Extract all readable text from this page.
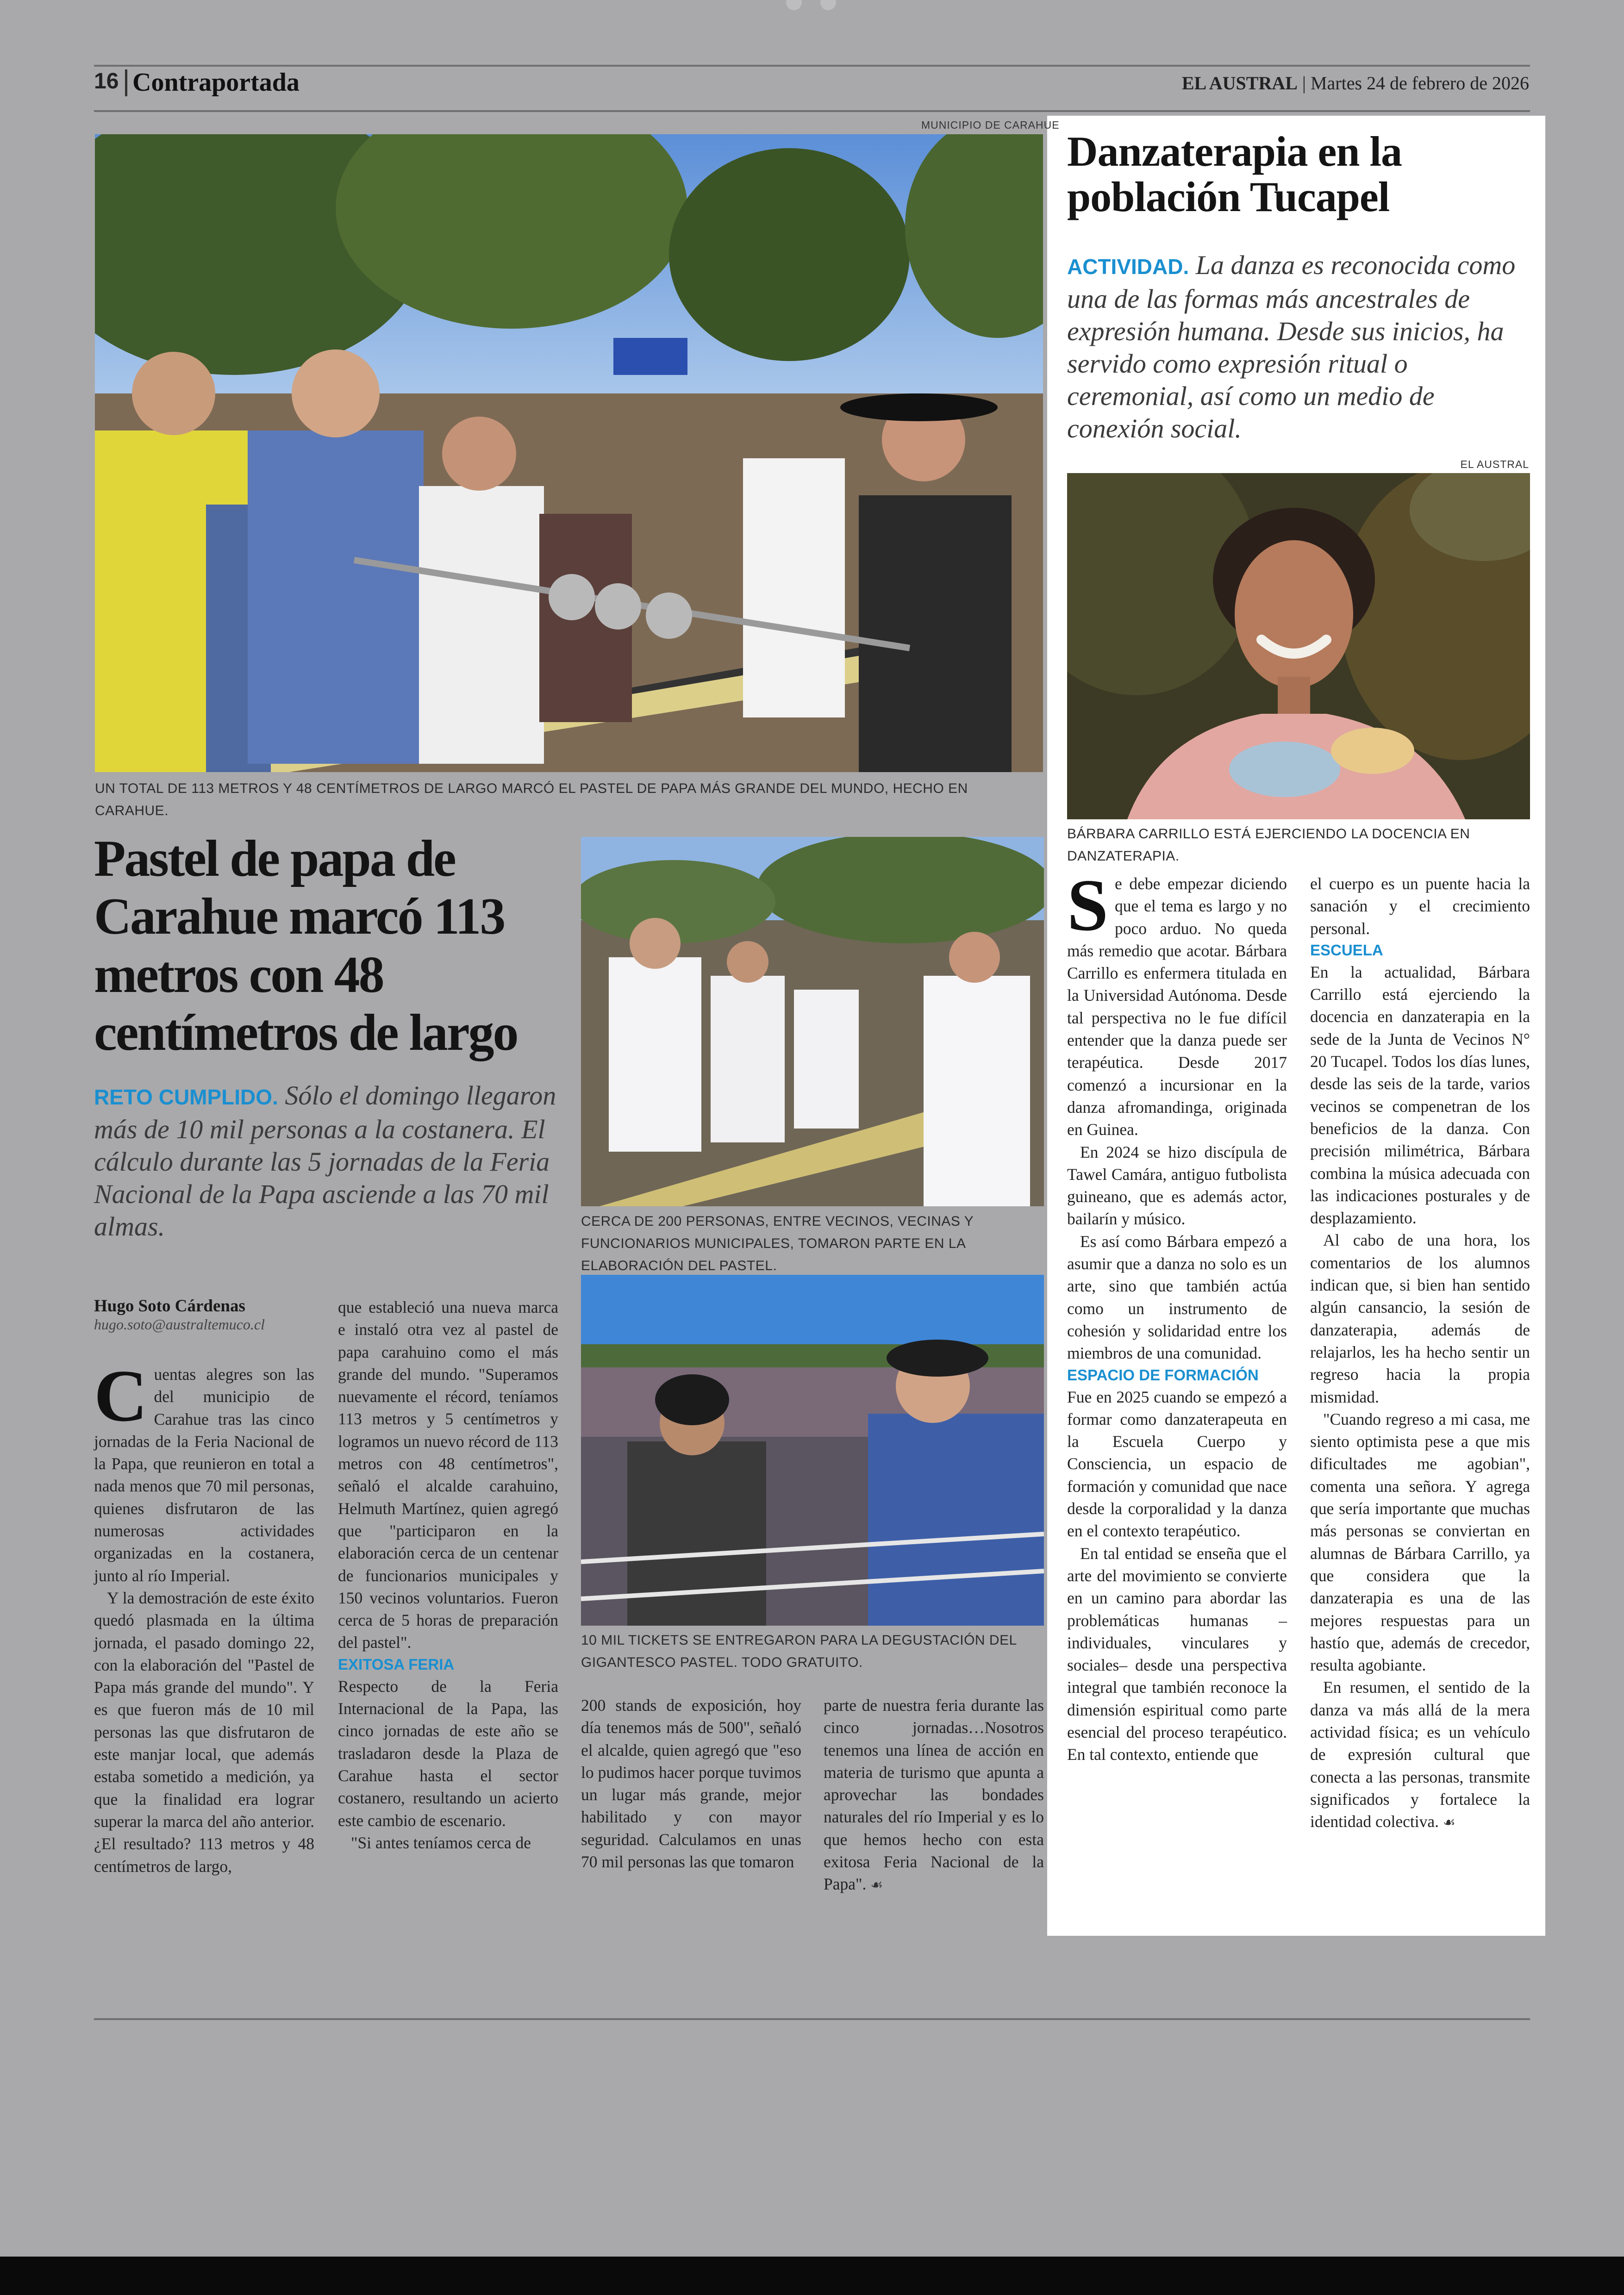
16 Contraportada	EL AUSTRAL | Martes 24 de febrero de 2026
MUNICIPIO DE CARAHUE
UN TOTAL DE 113 METROS Y 48 CENTÍMETROS DE LARGO MARCÓ EL PASTEL DE PAPA MÁS GRANDE DEL MUNDO, HECHO EN CARAHUE.
Pastel de papa de Carahue marcó 113 metros con 48 centímetros de largo
RETO CUMPLIDO. Sólo el domingo llegaron más de 10 mil personas a la costanera. El cálculo durante las 5 jornadas de la Feria Nacional de la Papa asciende a las 70 mil almas.	CERCA DE 200 PERSONAS, ENTRE VECINOS, VECINAS Y FUNCIONARIOS MUNICIPALES, TOMARON PARTE EN LA ELABORACIÓN DEL PASTEL.
10 MIL TICKETS SE ENTREGARON PARA LA DEGUSTACIÓN DEL GIGANTESCO PASTEL. TODO GRATUITO.
Hugo Soto Cárdenas
hugo.soto@australtemuco.cl

Cuentas alegres son las del municipio de Carahue tras las cinco jornadas de la Feria Nacional de la Papa, que reunieron en total a nada menos que 70 mil personas, quienes disfrutaron de las numerosas actividades organizadas en la costanera, junto al río Imperial.

Y la demostración de este éxito quedó plasmada en la última jornada, el pasado domingo 22, con la elaboración del "Pastel de Papa más grande del mundo". Y es que fueron más de 10 mil personas las que disfrutaron de este manjar local, que además estaba sometido a medición, ya que la finalidad era lograr superar la marca del año anterior. ¿El resultado? 113 metros y 48 centímetros de largo,

que estableció una nueva marca e instaló otra vez al pastel de papa carahuino como el más grande del mundo. "Superamos nuevamente el récord, teníamos 113 metros y 5 centímetros y logramos un nuevo récord de 113 metros con 48 centímetros", señaló el alcalde carahuino, Helmuth Martínez, quien agregó que "participaron en la elaboración cerca de un centenar de funcionarios municipales y 150 vecinos voluntarios. Fueron cerca de 5 horas de preparación del pastel".

EXITOSA FERIA

Respecto de la Feria Internacional de la Papa, las cinco jornadas de este año se trasladaron desde la Plaza de Carahue hasta el sector costanero, resultando un acierto este cambio de escenario.

"Si antes teníamos cerca de

200 stands de exposición, hoy día tenemos más de 500", señaló el alcalde, quien agregó que "eso lo pudimos hacer porque tuvimos un lugar más grande, mejor habilitado y con mayor seguridad. Calculamos en unas 70 mil personas las que tomaron

parte de nuestra feria durante las cinco jornadas…Nosotros tenemos una línea de acción en materia de turismo que apunta a aprovechar las bondades naturales del río Imperial y es lo que hemos hecho con esta exitosa Feria Nacional de la Papa". ☙

Danzaterapia en la población Tucapel
ACTIVIDAD. La danza es reconocida como una de las formas más ancestrales de expresión humana. Desde sus inicios, ha servido como expresión ritual o ceremonial, así como un medio de conexión social.
EL AUSTRAL
BÁRBARA CARRILLO ESTÁ EJERCIENDO LA DOCENCIA EN DANZATERAPIA.

Se debe empezar diciendo que el tema es largo y no poco arduo. No queda más remedio que acotar. Bárbara Carrillo es enfermera titulada en la Universidad Autónoma. Desde tal perspectiva no le fue difícil entender que la danza puede ser terapéutica. Desde 2017 comenzó a incursionar en la danza afromandinga, originada en Guinea.

En 2024 se hizo discípula de Tawel Camára, antiguo futbolista guineano, que es además actor, bailarín y músico.

Es así como Bárbara empezó a asumir que a danza no solo es un arte, sino que también actúa como un instrumento de cohesión y solidaridad entre los miembros de una comunidad.

ESPACIO DE FORMACIÓN

Fue en 2025 cuando se empezó a formar como danzaterapeuta en la Escuela Cuerpo y Consciencia, un espacio de formación y comunidad que nace desde la corporalidad y la danza en el contexto terapéutico.

En tal entidad se enseña que el arte del movimiento se convierte en un camino para abordar las problemáticas humanas –individuales, vinculares y sociales– desde una perspectiva integral que también reconoce la dimensión espiritual como parte esencial del proceso terapéutico. En tal contexto, entiende que

el cuerpo es un puente hacia la sanación y el crecimiento personal.

ESCUELA

En la actualidad, Bárbara Carrillo está ejerciendo la docencia en danzaterapia en la sede de la Junta de Vecinos N° 20 Tucapel. Todos los días lunes, desde las seis de la tarde, varios vecinos se compenetran de los beneficios de la danza. Con precisión milimétrica, Bárbara combina la música adecuada con las indicaciones posturales y de desplazamiento.

Al cabo de una hora, los comentarios de los alumnos indican que, si bien han sentido algún cansancio, la sesión de danzaterapia, además de relajarlos, les ha hecho sentir un regreso hacia la propia mismidad.

"Cuando regreso a mi casa, me siento optimista pese a que mis dificultades me agobian", comenta una señora. Y agrega que sería importante que muchas más personas se conviertan en alumnas de Bárbara Carrillo, ya que considera que la danzaterapia es una de las mejores respuestas para un hastío que, además de crecedor, resulta agobiante.

En resumen, el sentido de la danza va más allá de la mera actividad física; es un vehículo de expresión cultural que conecta a las personas, transmite significados y fortalece la identidad colectiva. ☙
